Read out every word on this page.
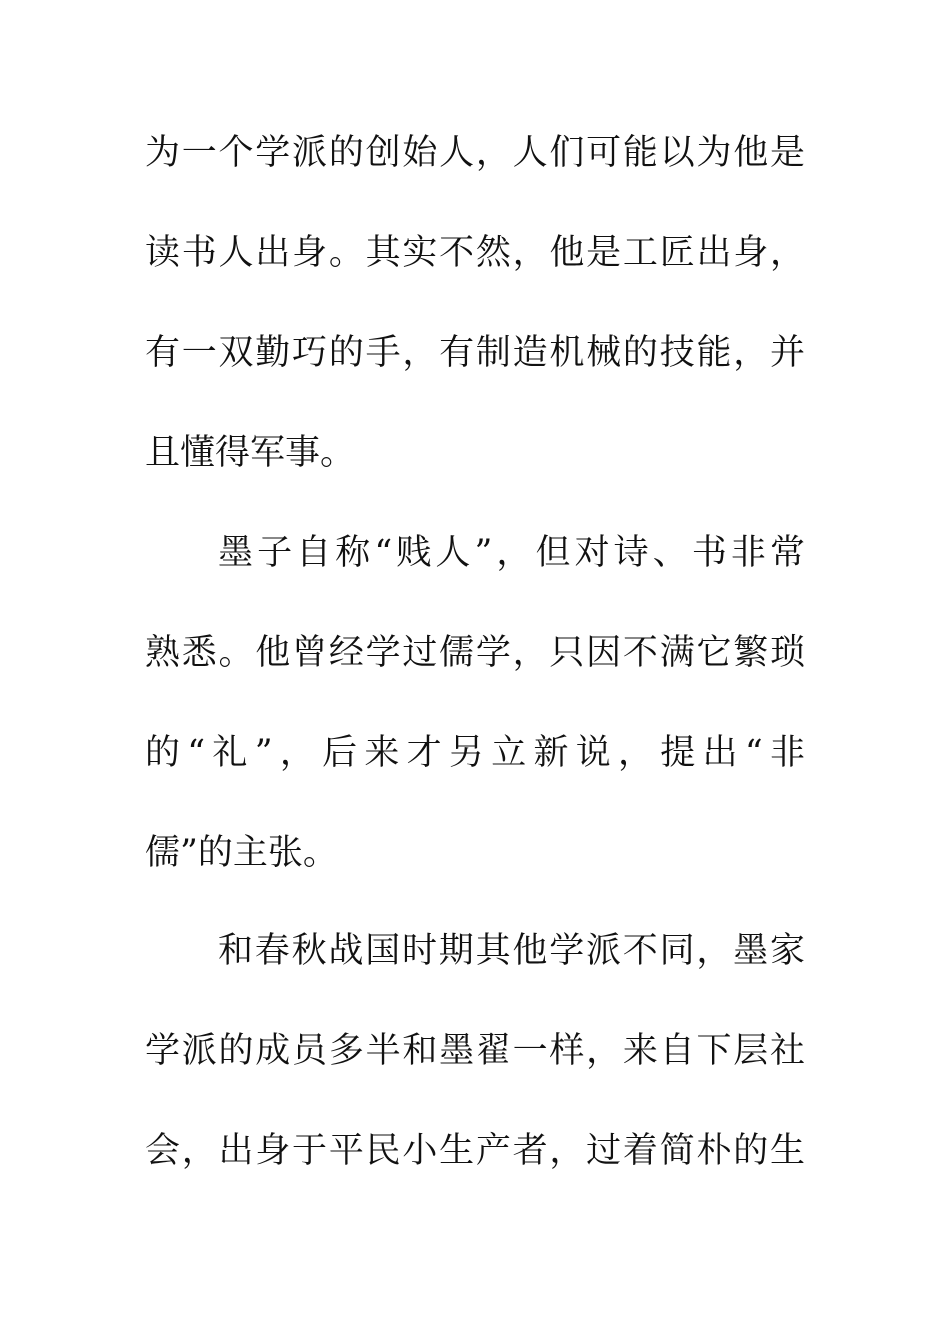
为一个学派的创始人，人们可能以为他是
读书人出身。其实不然，他是工匠出身，
有一双勤巧的手，有制造机械的技能，并
且懂得军事。
墨子自称“贱人”，但对诗、书非常
熟悉。他曾经学过儒学，只因不满它繁琐
的“礼”，后来才另立新说，提出“非
儒”的主张。
和春秋战国时期其他学派不同，墨家
学派的成员多半和墨翟一样，来自下层社
会，出身于平民小生产者，过着简朴的生
